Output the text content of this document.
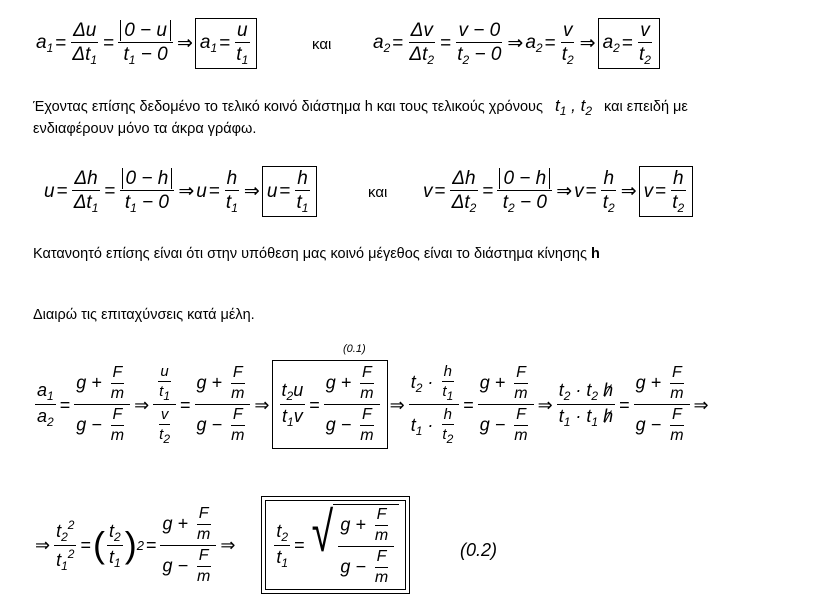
$a_1 = \frac{\Delta u}{\Delta t_1} = \frac{0 - u}{t_1 - 0}$ ⇒ $a_1 = \frac{u}{t_1}$	και $a_2 = \frac{\Delta v}{\Delta t_2} = \frac{v - 0}{t_2 - 0}$ ⇒ $a_2 = \frac{v}{t_2}$ ⇒ $a_2 = \frac{v}{t_2}$
Έχοντας επίσης δεδομένο το τελικό κοινό διάστημα h και τους τελικούς χρόνους $t_1$ , $t_2$ και επειδή με
ενδιαφέρουν μόνο τα άκρα γράφω.
$u = \frac{\Delta h}{\Delta t_1} = \frac{0 - h}{t_1 - 0}$ ⇒ $u = \frac{h}{t_1}$ ⇒ $u = \frac{h}{t_1}$	και $v = \frac{\Delta h}{\Delta t_2} = \frac{0 - h}{t_2 - 0}$ ⇒ $v = \frac{h}{t_2}$ ⇒ $v = \frac{h}{t_2}$
Κατανοητό επίσης είναι ότι στην υπόθεση μας κοινό μέγεθος είναι το διάστημα κίνησης h
Διαιρώ τις επιταχύνσεις κατά μέλη.
(0.1)
$\frac{a_1}{a_2} = \frac{g + \frac{F}{m}}{g - \frac{F}{m}}$ ⇒ $\frac{\frac{u}{t_1}}{\frac{v}{t_2}} = \frac{g + \frac{F}{m}}{g - \frac{F}{m}}$ ⇒ $\frac{t_2u}{t_1v} = \frac{g + \frac{F}{m}}{g - \frac{F}{m}}$ ⇒ $\frac{t_2 \cdot \frac{h}{t_1}}{t_1 \cdot \frac{h}{t_2}} = \frac{g + \frac{F}{m}}{g - \frac{F}{m}}$ ⇒ $\frac{t_2 \cdot t_2 h}{t_1 \cdot t_1 h} = \frac{g + \frac{F}{m}}{g - \frac{F}{m}}$ ⇒
⇒ $\frac{t_2^2}{t_1^2}$ = ( $\frac{t_2}{t_1}$ ) $2 = \frac{g + \frac{F}{m}}{g - \frac{F}{m}}$ ⇒ $\frac{t_2}{t_1}$ = √ $\frac{g + \frac{F}{m}}{g - \frac{F}{m}}$	(0.2)
